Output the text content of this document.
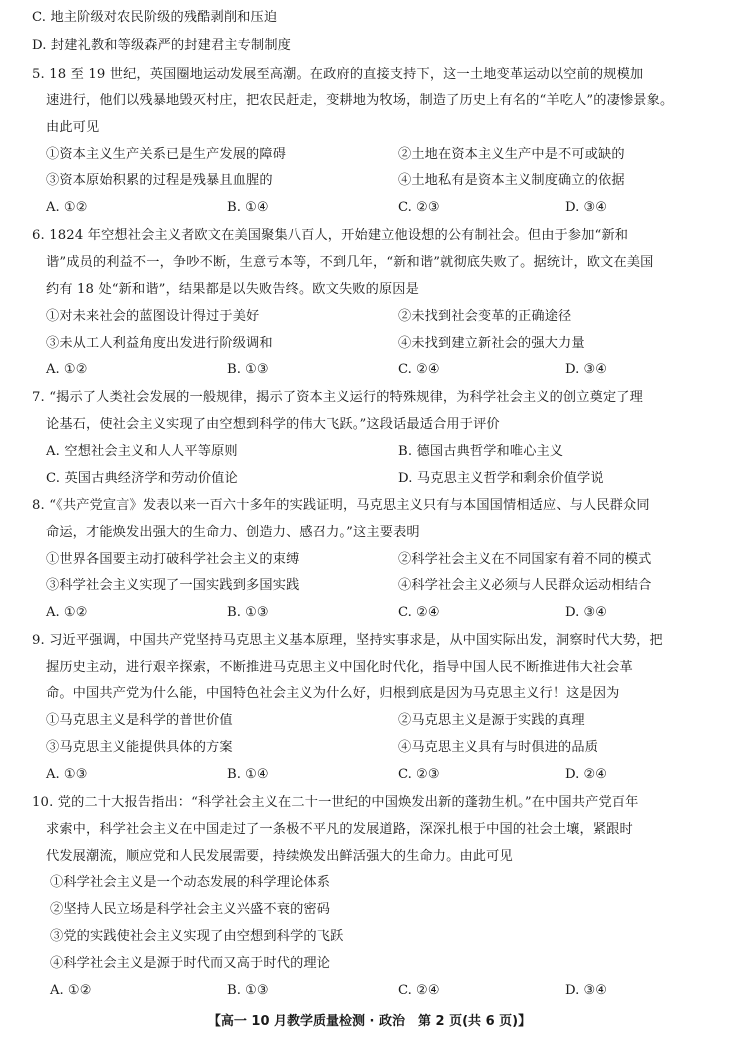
C. 地主阶级对农民阶级的残酷剥削和压迫
D. 封建礼教和等级森严的封建君主专制制度
5. 18 至 19 世纪，英国圈地运动发展至高潮。在政府的直接支持下，这一土地变革运动以空前的规模加
速进行，他们以残暴地毁灭村庄，把农民赶走，变耕地为牧场，制造了历史上有名的“羊吃人”的凄惨景象。
由此可见
①资本主义生产关系已是生产发展的障碍	②土地在资本主义生产中是不可或缺的
③资本原始积累的过程是残暴且血腥的	④土地私有是资本主义制度确立的依据
A. ①②	B. ①④	C. ②③	D. ③④
6. 1824 年空想社会主义者欧文在美国聚集八百人，开始建立他设想的公有制社会。但由于参加“新和
谐”成员的利益不一，争吵不断，生意亏本等，不到几年，“新和谐”就彻底失败了。据统计，欧文在美国
约有 18 处“新和谐”，结果都是以失败告终。欧文失败的原因是
①对未来社会的蓝图设计得过于美好	②未找到社会变革的正确途径
③未从工人利益角度出发进行阶级调和	④未找到建立新社会的强大力量
A. ①②	B. ①③	C. ②④	D. ③④
7. “揭示了人类社会发展的一般规律，揭示了资本主义运行的特殊规律，为科学社会主义的创立奠定了理
论基石，使社会主义实现了由空想到科学的伟大飞跃。”这段话最适合用于评价
A. 空想社会主义和人人平等原则	B. 德国古典哲学和唯心主义
C. 英国古典经济学和劳动价值论	D. 马克思主义哲学和剩余价值学说
8. “《共产党宣言》发表以来一百六十多年的实践证明，马克思主义只有与本国国情相适应、与人民群众同
命运，才能焕发出强大的生命力、创造力、感召力。”这主要表明
①世界各国要主动打破科学社会主义的束缚	②科学社会主义在不同国家有着不同的模式
③科学社会主义实现了一国实践到多国实践	④科学社会主义必须与人民群众运动相结合
A. ①②	B. ①③	C. ②④	D. ③④
9. 习近平强调，中国共产党坚持马克思主义基本原理，坚持实事求是，从中国实际出发，洞察时代大势，把
握历史主动，进行艰辛探索，不断推进马克思主义中国化时代化，指导中国人民不断推进伟大社会革
命。中国共产党为什么能，中国特色社会主义为什么好，归根到底是因为马克思主义行！这是因为
①马克思主义是科学的普世价值	②马克思主义是源于实践的真理
③马克思主义能提供具体的方案	④马克思主义具有与时俱进的品质
A. ①③	B. ①④	C. ②③	D. ②④
10. 党的二十大报告指出：“科学社会主义在二十一世纪的中国焕发出新的蓬勃生机。”在中国共产党百年
求索中，科学社会主义在中国走过了一条极不平凡的发展道路，深深扎根于中国的社会土壤，紧跟时
代发展潮流，顺应党和人民发展需要，持续焕发出鲜活强大的生命力。由此可见
①科学社会主义是一个动态发展的科学理论体系
②坚持人民立场是科学社会主义兴盛不衰的密码
③党的实践使社会主义实现了由空想到科学的飞跃
④科学社会主义是源于时代而又高于时代的理论
A. ①②	B. ①③	C. ②④	D. ③④
【高一 10 月教学质量检测 · 政治　第 2 页(共 6 页)】
